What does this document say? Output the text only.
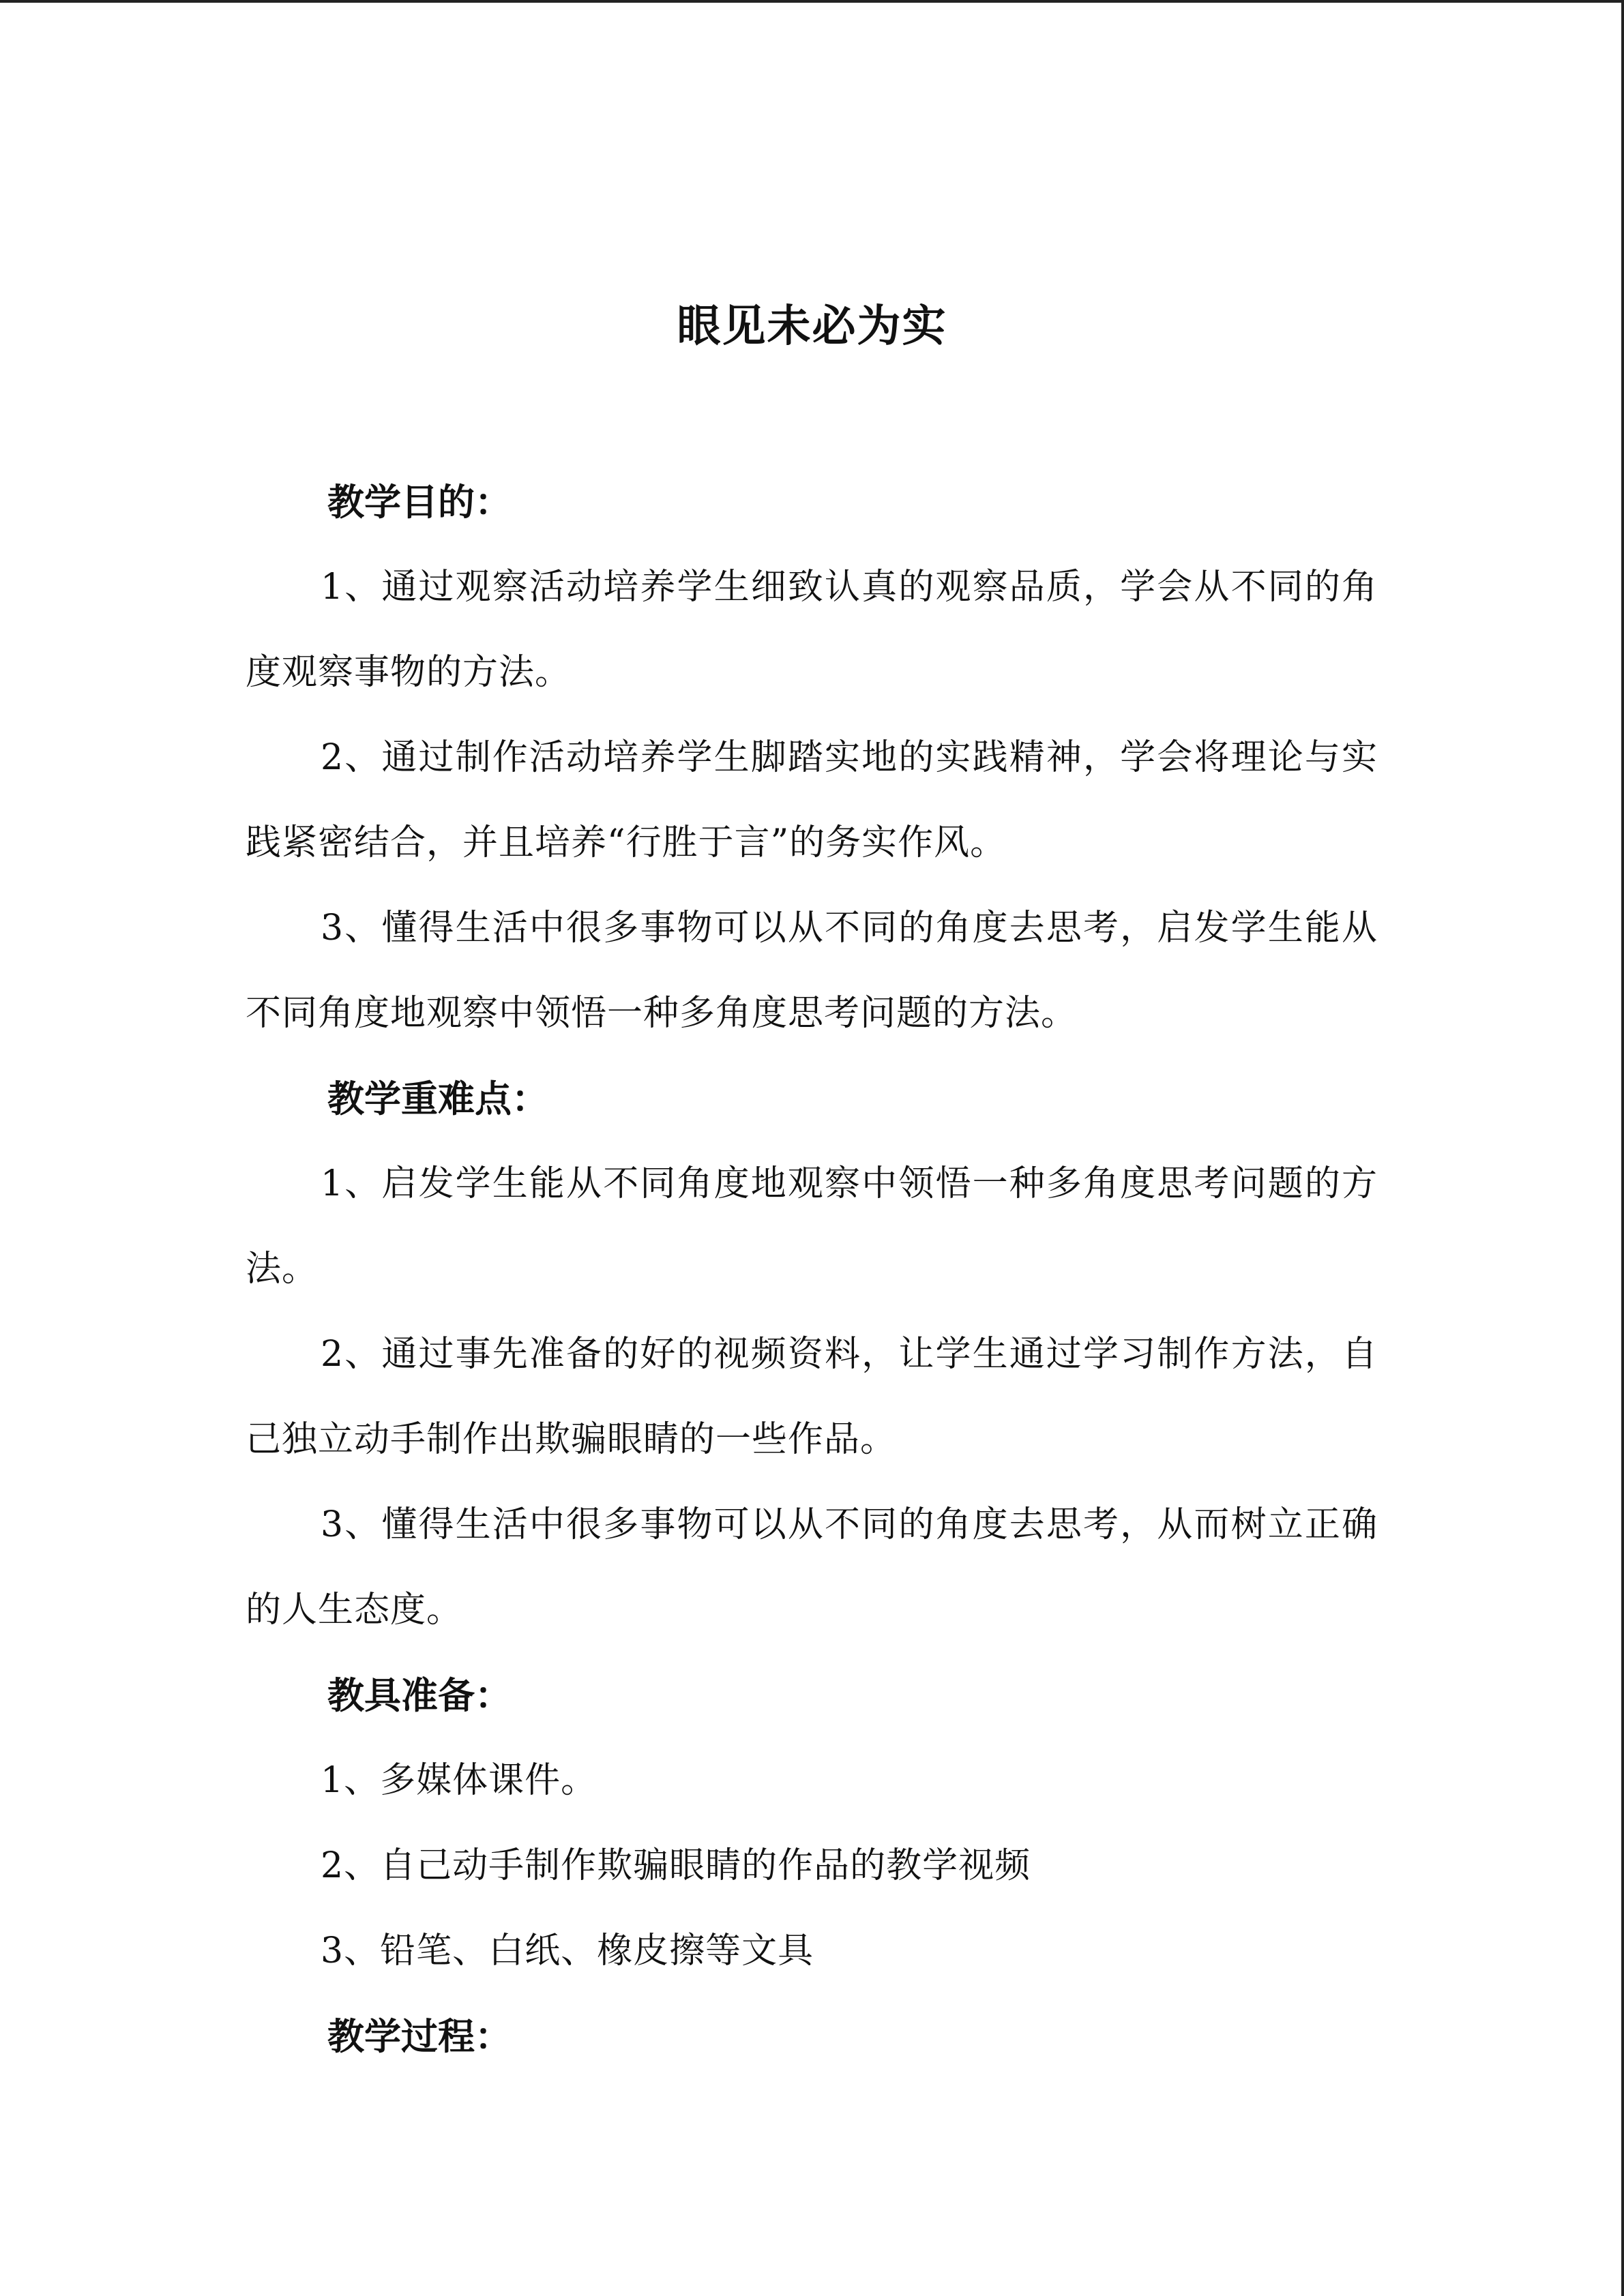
眼见未必为实

教学目的：

1、通过观察活动培养学生细致认真的观察品质，学会从不同的角度观察事物的方法。

2、通过制作活动培养学生脚踏实地的实践精神，学会将理论与实践紧密结合，并且培养“行胜于言”的务实作风。

3、懂得生活中很多事物可以从不同的角度去思考，启发学生能从不同角度地观察中领悟一种多角度思考问题的方法。

教学重难点：

1、启发学生能从不同角度地观察中领悟一种多角度思考问题的方法。

2、通过事先准备的好的视频资料，让学生通过学习制作方法，自己独立动手制作出欺骗眼睛的一些作品。

3、懂得生活中很多事物可以从不同的角度去思考，从而树立正确的人生态度。

教具准备：

1、多媒体课件。

2、自己动手制作欺骗眼睛的作品的教学视频

3、铅笔、白纸、橡皮擦等文具

教学过程：
